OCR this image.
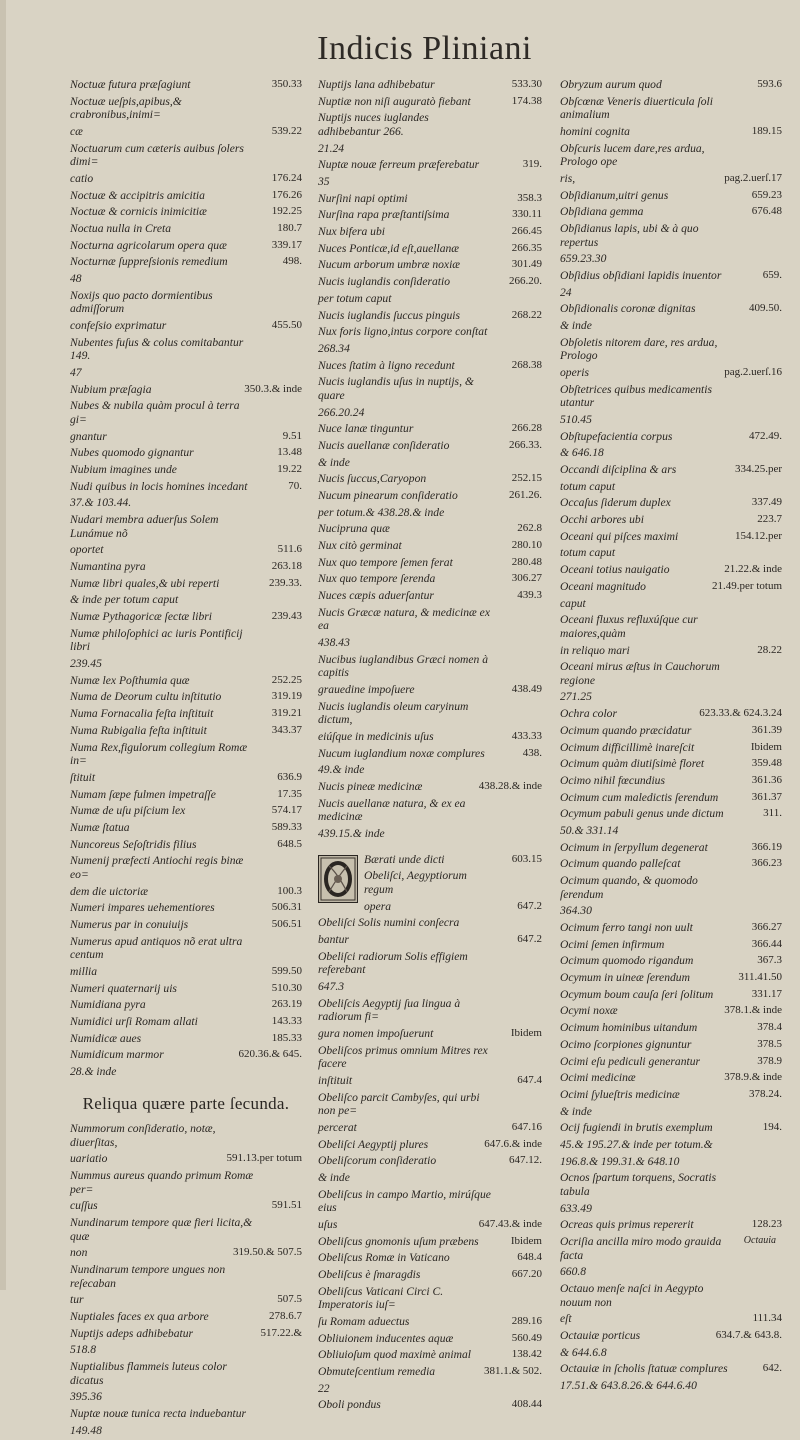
Indicis Pliniani
Noctuæ futura præſagiunt	350.33
Noctuæ ueſpis,apibus,& crabronibus,inimi=
cæ	539.22
Noctuarum cum cæteris auibus ſolers dimi=
catio	176.24
Noctuæ & accipitris amicitia	176.26
Noctuæ & cornicis inimicitiæ	192.25
Noctua nulla in Creta	180.7
Nocturna agricolarum opera quæ	339.17
Nocturnæ ſuppreſsionis remedium	498.
48
Noxijs quo pacto dormientibus admiſſorum
confeſsio exprimatur	455.50
Nubentes fuſus & colus comitabantur 149.
47
Nubium præſagia	350.3.& inde
Nubes & nubila quàm procul à terra gi=
gnantur	9.51
Nubes quomodo gignantur	13.48
Nubium imagines unde	19.22
Nudi quibus in locis homines incedant	70.
37.& 103.44.
Nudari membra aduerſus Solem Lunámue nõ
oportet	511.6
Numantina pyra	263.18
Numæ libri quales,& ubi reperti	239.33.
& inde per totum caput
Numæ Pythagoricæ ſectæ libri	239.43
Numæ philoſophici ac iuris Pontificij libri
239.45
Numæ lex Poſthumia quæ	252.25
Numa de Deorum cultu inſtitutio	319.19
Numa Fornacalia feſta inſtituit	319.21
Numa Rubigalia feſta inſtituit	343.37
Numa Rex,figulorum collegium Romæ in=
ſtituit	636.9
Numam ſæpe fulmen impetraſſe	17.35
Numæ de uſu piſcium lex	574.17
Numæ ſtatua	589.33
Nuncoreus Seſoſtridis filius	648.5
Numenij præfecti Antiochi regis binæ eo=
dem die uictoriæ	100.3
Numeri impares uehementiores	506.31
Numerus par in conuiuijs	506.51
Numerus apud antiquos nõ erat ultra centum
millia	599.50
Numeri quaternarij uis	510.30
Numidiana pyra	263.19
Numidici urſi Romam allati	143.33
Numidicæ aues	185.33
Numidicum marmor	620.36.& 645.
28.& inde
Reliqua quære parte ſecunda.
Nummorum conſideratio, notæ, diuerſitas,
uariatio	591.13.per totum
Nummus aureus quando primum Romæ per=
cuſſus	591.51
Nundinarum tempore quæ fieri licita,& quæ
non	319.50.& 507.5
Nundinarum tempore ungues non reſecaban
tur	507.5
Nuptiales faces ex qua arbore	278.6.7
Nuptijs adeps adhibebatur	517.22.&
518.8
Nuptialibus flammeis luteus color dicatus
395.36
Nuptæ nouæ tunica recta induebantur
149.48
Nuptijs lana adhibebatur	533.30
Nuptiæ non niſi auguratò fiebant	174.38
Nuptijs nuces iuglandes adhibebantur 266.
21.24
Nuptæ nouæ ferreum præferebatur	319.
35
Nurſini napi optimi	358.3
Nurſina rapa præſtantiſsima	330.11
Nux bifera ubi	266.45
Nuces Ponticæ,id eſt,auellanæ	266.35
Nucum arborum umbræ noxiæ	301.49
Nucis iuglandis conſideratio	266.20.
per totum caput
Nucis iuglandis ſuccus pinguis	268.22
Nux foris ligno,intus corpore conſtat
268.34
Nuces ſtatim à ligno recedunt	268.38
Nucis iuglandis uſus in nuptijs, & quare
266.20.24
Nuce lanæ tinguntur	266.28
Nucis auellanæ conſideratio	266.33.
& inde
Nucis ſuccus,Caryopon	252.15
Nucum pinearum conſideratio	261.26.
per totum.& 438.28.& inde
Nucipruna quæ	262.8
Nux citò germinat	280.10
Nux quo tempore ſemen ferat	280.48
Nux quo tempore ſerenda	306.27
Nuces cæpis aduerſantur	439.3
Nucis Græcæ natura, & medicinæ ex ea
438.43
Nucibus iuglandibus Græci nomen à capitis
grauedine impoſuere	438.49
Nucis iuglandis oleum caryinum dictum,
eiúſque in medicinis uſus	433.33
Nucum iuglandium noxæ complures	438.
49.& inde
Nucis pineæ medicinæ	438.28.& inde
Nucis auellanæ natura, & ex ea medicinæ
439.15.& inde
Bærati unde dicti	603.15
Obeliſci, Aegyptiorum regum
opera	647.2
Obeliſci Solis numini conſecra
bantur	647.2
Obeliſci radiorum Solis effigiem referebant
647.3
Obeliſcis Aegyptij ſua lingua à radiorum fi=
gura nomen impoſuerunt	Ibidem
Obeliſcos primus omnium Mitres rex facere
inſtituit	647.4
Obeliſco parcit Cambyſes, qui urbi non pe=
percerat	647.16
Obeliſci Aegyptij plures	647.6.& inde
Obeliſcorum conſideratio	647.12.
& inde
Obeliſcus in campo Martio, mirúſque eius
uſus	647.43.& inde
Obeliſcus gnomonis uſum præbens	Ibidem
Obeliſcus Romæ in Vaticano	648.4
Obeliſcus è ſmaragdis	667.20
Obeliſcus Vaticani Circi C. Imperatoris iuſ=
ſu Romam aduectus	289.16
Obliuionem inducentes aquæ	560.49
Obliuioſum quod maximè animal	138.42
Obmuteſcentium remedia	381.1.& 502.
22
Oboli pondus	408.44
Obryzum aurum quod	593.6
Obſcœnæ Veneris diuerticula ſoli animalium
homini cognita	189.15
Obſcuris lucem dare,res ardua, Prologo ope
ris,	pag.2.uerſ.17
Obſidianum,uitri genus	659.23
Obſidiana gemma	676.48
Obſidianus lapis, ubi & à quo repertus
659.23.30
Obſidius obſidiani lapidis inuentor	659.
24
Obſidionalis coronæ dignitas	409.50.
& inde
Obſoletis nitorem dare, res ardua, Prologo
operis	pag.2.uerſ.16
Obſtetrices quibus medicamentis utantur
510.45
Obſtupefacientia corpus	472.49.
& 646.18
Occandi diſciplina & ars	334.25.per
totum caput
Occaſus ſiderum duplex	337.49
Occhi arbores ubi	223.7
Oceani qui piſces maximi	154.12.per
totum caput
Oceani totius nauigatio	21.22.& inde
Oceani magnitudo	21.49.per totum
caput
Oceani fluxus refluxúſque cur maiores,quàm
in reliquo mari	28.22
Oceani mirus æſtus in Cauchorum regione
271.25
Ochra color	623.33.& 624.3.24
Ocimum quando præcidatur	361.39
Ocimum difficillimè inareſcit	Ibidem
Ocimum quàm diutiſsimè floret	359.48
Ocimo nihil fœcundius	361.36
Ocimum cum maledictis ſerendum	361.37
Ocymum pabuli genus unde dictum	311.
50.& 331.14
Ocimum in ſerpyllum degenerat	366.19
Ocimum quando palleſcat	366.23
Ocimum quando, & quomodo ſerendum
364.30
Ocimum ferro tangi non uult	366.27
Ocimi ſemen infirmum	366.44
Ocimum quomodo rigandum	367.3
Ocymum in uineæ ſerendum	311.41.50
Ocymum boum cauſa ſeri ſolitum	331.17
Ocymi noxæ	378.1.& inde
Ocimum hominibus uitandum	378.4
Ocimo ſcorpiones gignuntur	378.5
Ocimi eſu pediculi generantur	378.9
Ocimi medicinæ	378.9.& inde
Ocimi ſylueſtris medicinæ	378.24.
& inde
Ocij fugiendi in brutis exemplum	194.
45.& 195.27.& inde per totum.&
196.8.& 199.31.& 648.10
Ocnos ſpartum torquens, Socratis tabula
633.49
Ocreas quis primus repererit	128.23
Ocriſia ancilla miro modo grauida facta
660.8
Octauo menſe naſci in Aegypto nouum non
eſt	111.34
Octauiæ porticus	634.7.& 643.8.
& 644.6.8
Octauiæ in ſcholis ſtatuæ complures	642.
17.51.& 643.8.26.& 644.6.40
Octauia
